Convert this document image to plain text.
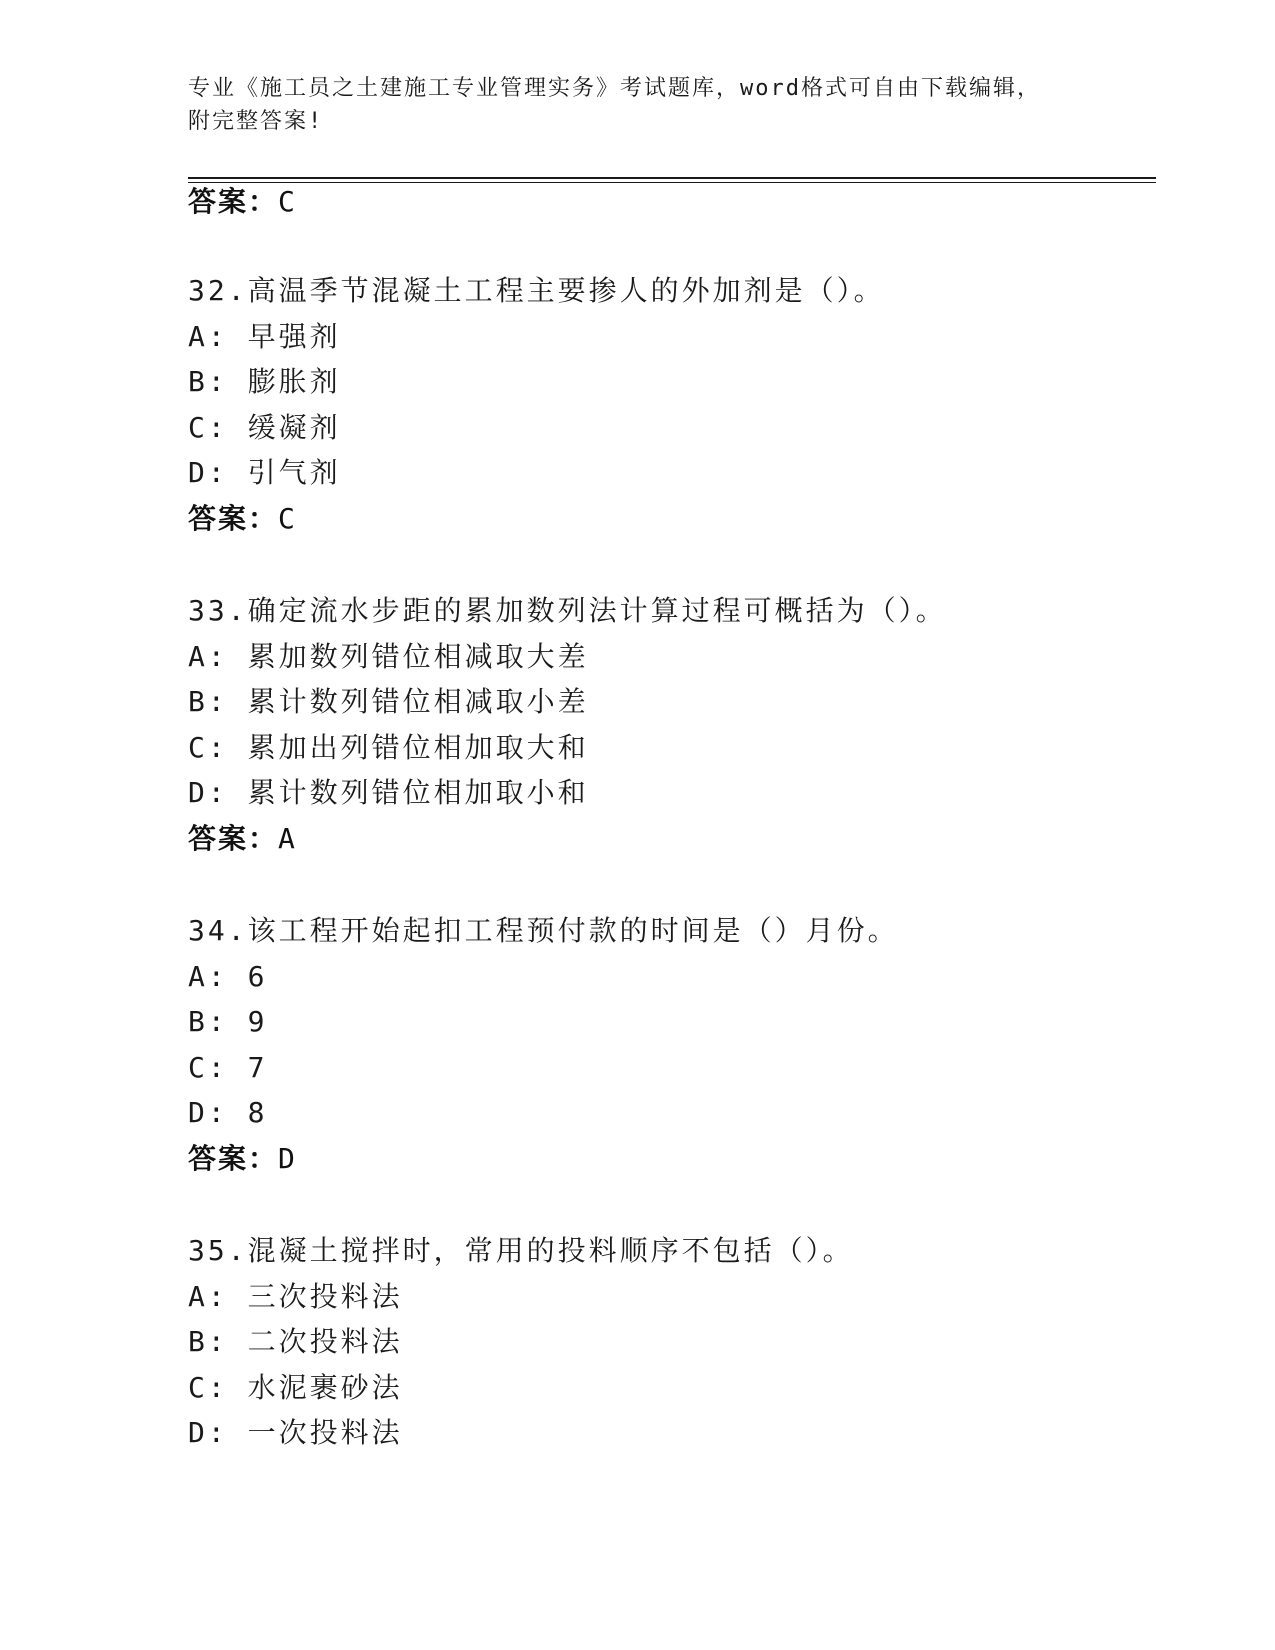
专业《施工员之土建施工专业管理实务》考试题库，word格式可自由下载编辑，

附完整答案!

答案：C

32.高温季节混凝土工程主要掺人的外加剂是（）。

A: 早强剂

B: 膨胀剂

C: 缓凝剂

D: 引气剂

答案：C

33.确定流水步距的累加数列法计算过程可概括为（）。

A: 累加数列错位相减取大差

B: 累计数列错位相减取小差

C: 累加出列错位相加取大和

D: 累计数列错位相加取小和

答案：A

34.该工程开始起扣工程预付款的时间是（）月份。

A: 6

B: 9

C: 7

D: 8

答案：D

35.混凝土搅拌时，常用的投料顺序不包括（）。

A: 三次投料法

B: 二次投料法

C: 水泥裹砂法

D: 一次投料法
